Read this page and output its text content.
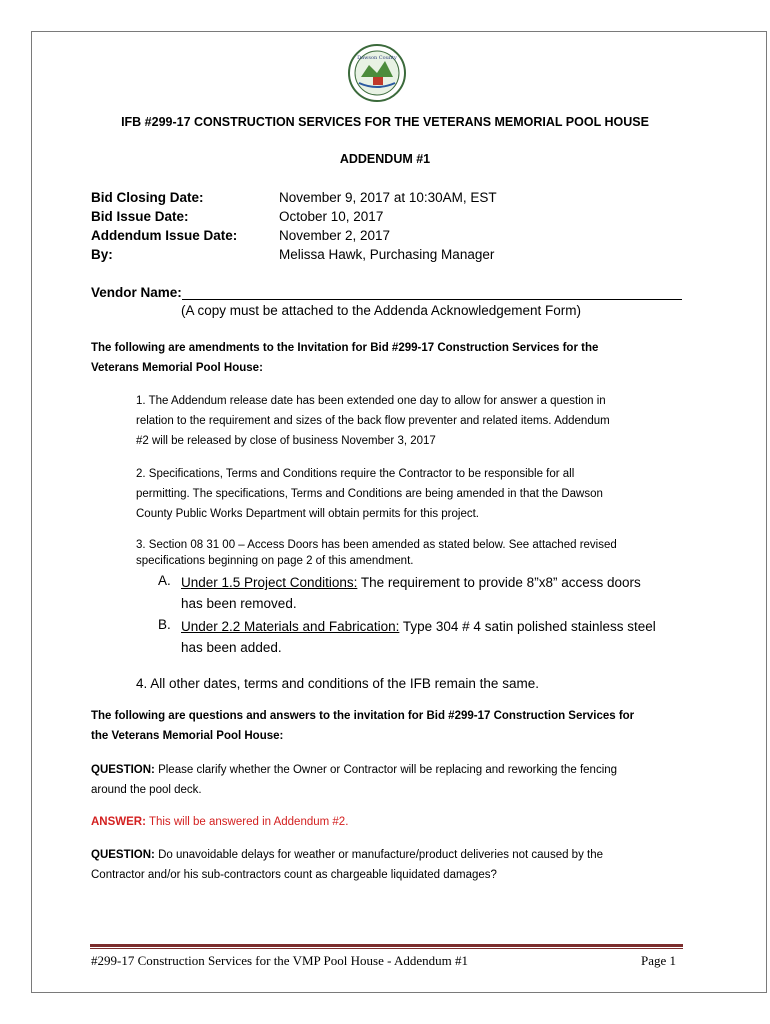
Dawson County
IFB #299-17 CONSTRUCTION SERVICES FOR THE VETERANS MEMORIAL POOL HOUSE
ADDENDUM #1
Bid Closing Date:	November 9, 2017 at 10:30AM, EST
Bid Issue Date:	October 10, 2017
Addendum Issue Date:	November 2, 2017
By:	Melissa Hawk, Purchasing Manager
Vendor Name:
(A copy must be attached to the Addenda Acknowledgement Form)
The following are amendments to the Invitation for Bid #299-17 Construction Services for the
Veterans Memorial Pool House:
1. The Addendum release date has been extended one day to allow for answer a question in
relation to the requirement and sizes of the back flow preventer and related items. Addendum
#2 will be released by close of business November 3, 2017
2. Specifications, Terms and Conditions require the Contractor to be responsible for all
permitting. The specifications, Terms and Conditions are being amended in that the Dawson
County Public Works Department will obtain permits for this project.
3. Section 08 31 00 – Access Doors has been amended as stated below. See attached revised
specifications beginning on page 2 of this amendment.
A. Under 1.5 Project Conditions: The requirement to provide 8”x8” access doors
has been removed.
B. Under 2.2 Materials and Fabrication: Type 304 # 4 satin polished stainless steel
has been added.
4. All other dates, terms and conditions of the IFB remain the same.
The following are questions and answers to the invitation for Bid #299-17 Construction Services for
the Veterans Memorial Pool House:
QUESTION: Please clarify whether the Owner or Contractor will be replacing and reworking the fencing
around the pool deck.
ANSWER: This will be answered in Addendum #2.
QUESTION: Do unavoidable delays for weather or manufacture/product deliveries not caused by the
Contractor and/or his sub-contractors count as chargeable liquidated damages?
#299-17 Construction Services for the VMP Pool House - Addendum #1	Page 1
